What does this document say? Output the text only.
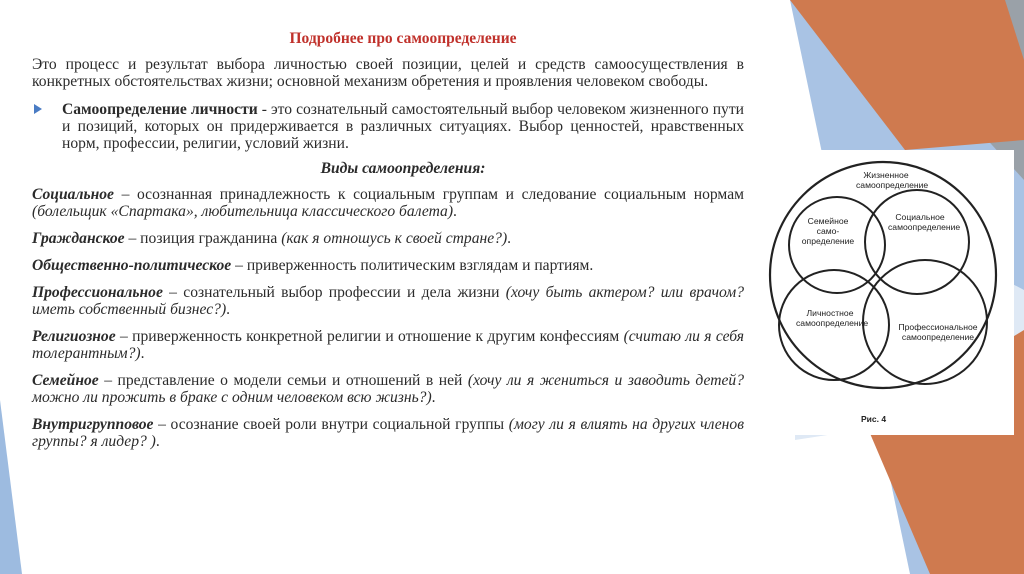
Подробнее про самоопределение
Это процесс и результат выбора личностью своей позиции, целей и средств самоосуществления в конкретных обстоятельствах жизни; основной механизм обретения и проявления человеком свободы.
Самоопределение личности - это сознательный самостоятельный выбор человеком жизненного пути и позиций, которых он придерживается в различных ситуациях. Выбор ценностей, нравственных норм, профессии, религии, условий жизни.
Виды самоопределения:
Социальное – осознанная принадлежность к социальным группам и следование социальным нормам (болельщик «Спартака», любительница классического балета).
Гражданское – позиция гражданина (как я отношусь к своей стране?).
Общественно-политическое – приверженность политическим взглядам и партиям.
Профессиональное – сознательный выбор профессии и дела жизни (хочу быть актером? или врачом? иметь собственный бизнес?).
Религиозное – приверженность конкретной религии и отношение к другим конфессиям (считаю ли я себя толерантным?).
Семейное – представление о модели семьи и отношений в ней (хочу ли я жениться и заводить детей? можно ли прожить в браке с одним человеком всю жизнь?).
Внутригрупповое – осознание своей роли внутри социальной группы (могу ли я влиять на других членов группы? я лидер? ).
Жизненное самоопределение
Семейное само- определение
Социальное самоопределение
Личностное самоопределение	Профессиональное самоопределение
Рис. 4
